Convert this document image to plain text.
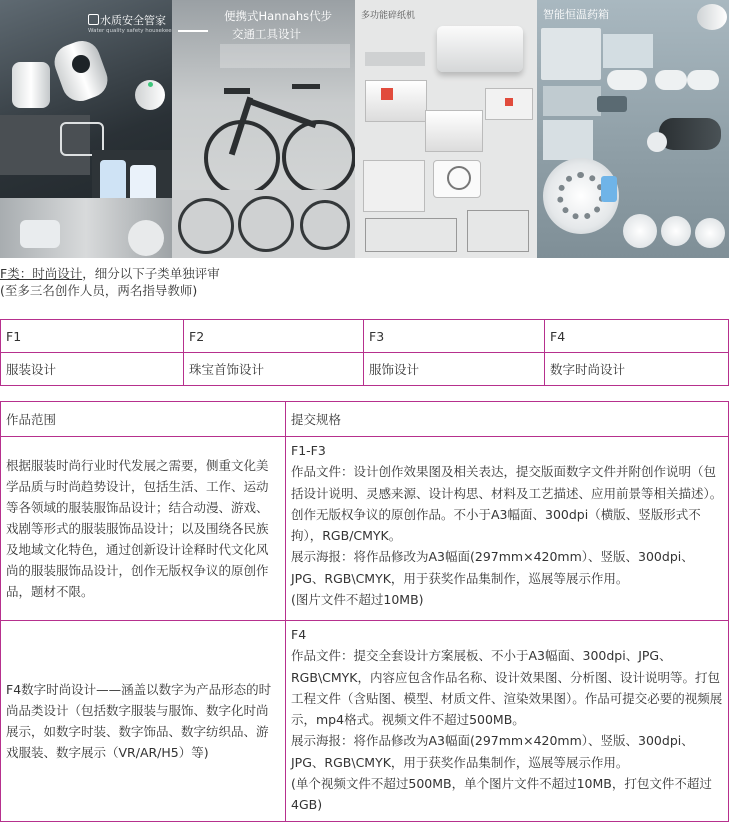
水质安全管家
Water quality safety housekee
便携式Hannahs代步
交通工具设计
多功能碎纸机	智能恒温药箱
F类：时尚设计，细分以下子类单独评审
(至多三名创作人员，两名指导教师)
F1	F2	F3	F4
服装设计	珠宝首饰设计	服饰设计	数字时尚设计
作品范围	提交规格
根据服装时尚行业时代发展之需要，侧重文化美学品质与时尚趋势设计，包括生活、工作、运动等各领域的服装服饰品设计；结合动漫、游戏、戏剧等形式的服装服饰品设计；以及围绕各民族及地域文化特色，通过创新设计诠释时代文化风尚的服装服饰品设计，创作无版权争议的原创作品，题材不限。	F1-F3
作品文件：设计创作效果图及相关表达，提交版面数字文件并附创作说明（包括设计说明、灵感来源、设计构思、材料及工艺描述、应用前景等相关描述）。创作无版权争议的原创作品。不小于A3幅面、300dpi（横版、竖版形式不拘），RGB/CMYK。
展示海报：将作品修改为A3幅面(297mm×420mm）、竖版、300dpi、JPG、RGB\CMYK，用于获奖作品集制作，巡展等展示作用。
(图片文件不超过10MB)

F4数字时尚设计——涵盖以数字为产品形态的时尚品类设计（包括数字服装与服饰、数字化时尚展示，如数字时装、数字饰品、数字纺织品、游戏服装、数字展示（VR/AR/H5）等)	F4
作品文件：提交全套设计方案展板、不小于A3幅面、300dpi、JPG、RGB\CMYK，内容应包含作品名称、设计效果图、分析图、设计说明等。打包工程文件（含贴图、模型、材质文件、渲染效果图）。作品可提交必要的视频展示，mp4格式。视频文件不超过500MB。
展示海报：将作品修改为A3幅面(297mm×420mm）、竖版、300dpi、JPG、RGB\CMYK，用于获奖作品集制作，巡展等展示作用。
(单个视频文件不超过500MB，单个图片文件不超过10MB，打包文件不超过4GB)
